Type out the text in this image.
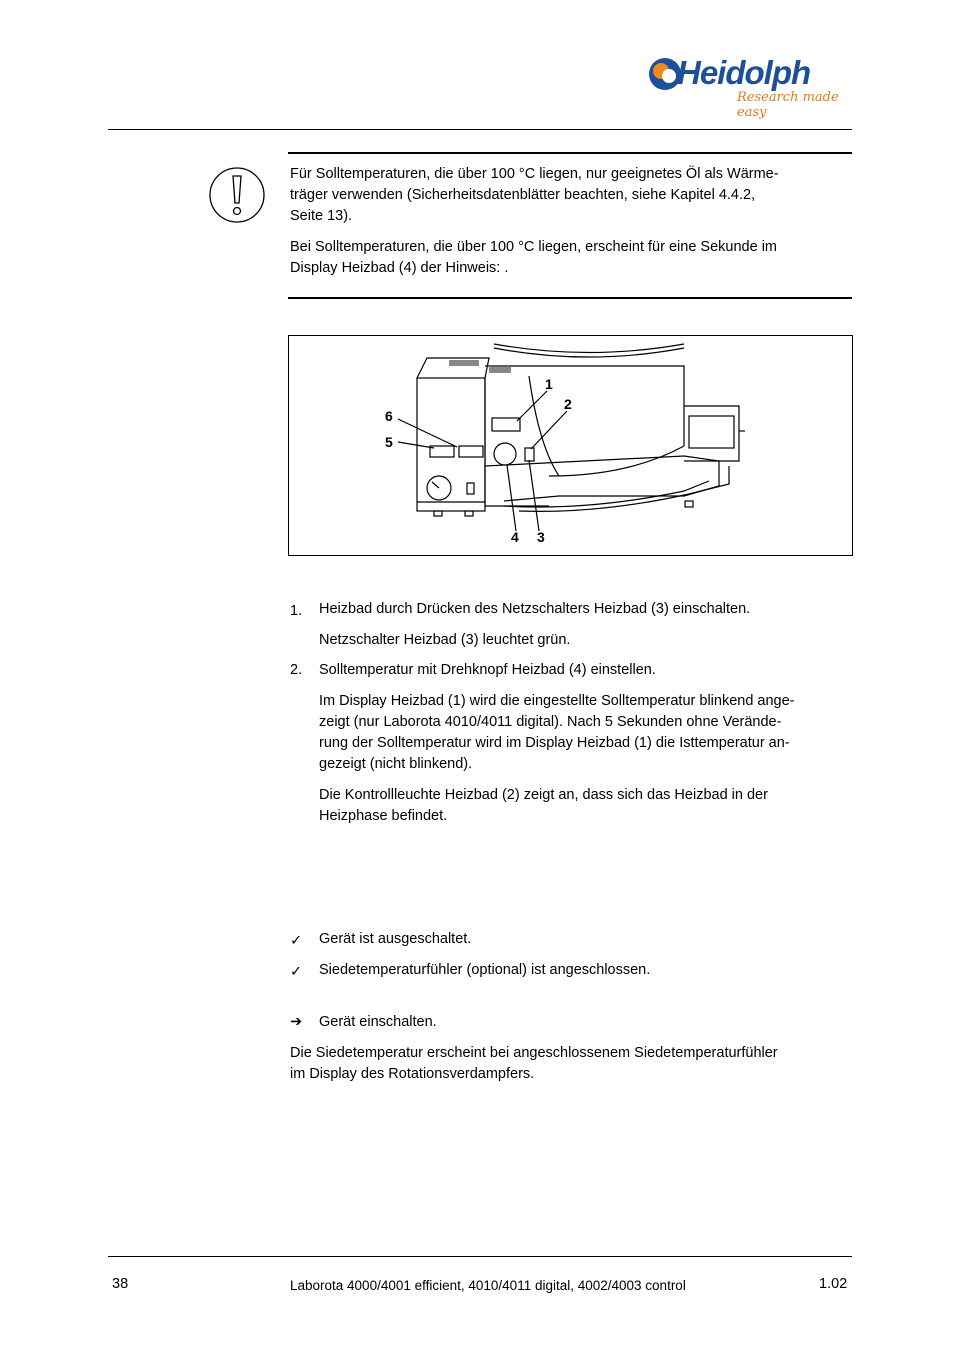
Heidolph
Research made easy
Für Solltemperaturen, die über 100 °C liegen, nur geeignetes Öl als Wärme-
träger verwenden (Sicherheitsdatenblätter beachten, siehe Kapitel 4.4.2,
Seite 13).
Bei Solltemperaturen, die über 100 °C liegen, erscheint für eine Sekunde im
Display Heizbad (4) der Hinweis: .
1
2
3
4
5
6
1. Heizbad durch Drücken des Netzschalters Heizbad (3) einschalten.
Netzschalter Heizbad (3) leuchtet grün.
2. Solltemperatur mit Drehknopf Heizbad (4) einstellen.
Im Display Heizbad (1) wird die eingestellte Solltemperatur blinkend ange-
zeigt (nur Laborota 4010/4011 digital). Nach 5 Sekunden ohne Verände-
rung der Solltemperatur wird im Display Heizbad (1) die Isttemperatur an-
gezeigt (nicht blinkend).
Die Kontrollleuchte Heizbad (2) zeigt an, dass sich das Heizbad in der
Heizphase befindet.
✓ Gerät ist ausgeschaltet.
✓ Siedetemperaturfühler (optional) ist angeschlossen.
➔ Gerät einschalten.
Die Siedetemperatur erscheint bei angeschlossenem Siedetemperaturfühler
im Display des Rotationsverdampfers.
38	Laborota 4000/4001 efficient, 4010/4011 digital, 4002/4003 control	1.02
